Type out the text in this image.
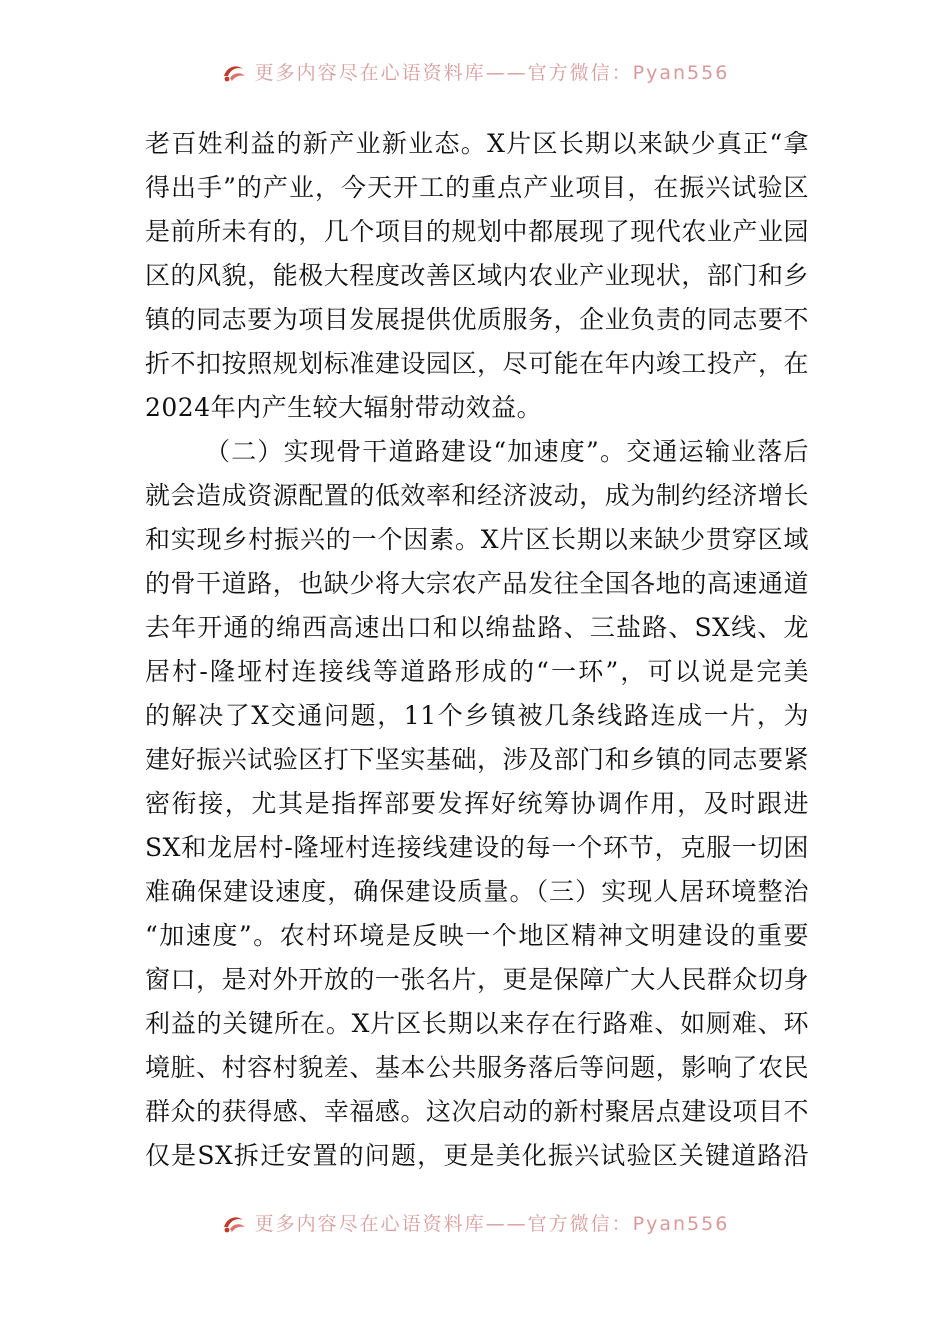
更多内容尽在心语资料库——官方微信：Pyan556
老百姓利益的新产业新业态。X片区长期以来缺少真正“拿
得出手”的产业，今天开工的重点产业项目，在振兴试验区
是前所未有的，几个项目的规划中都展现了现代农业产业园
区的风貌，能极大程度改善区域内农业产业现状，部门和乡
镇的同志要为项目发展提供优质服务，企业负责的同志要不
折不扣按照规划标准建设园区，尽可能在年内竣工投产，在
2024年内产生较大辐射带动效益。
（二）实现骨干道路建设“加速度”。交通运输业落后
就会造成资源配置的低效率和经济波动，成为制约经济增长
和实现乡村振兴的一个因素。X片区长期以来缺少贯穿区域
的骨干道路，也缺少将大宗农产品发往全国各地的高速通道
去年开通的绵西高速出口和以绵盐路、三盐路、SX线、龙
居村-隆垭村连接线等道路形成的“一环”，可以说是完美
的解决了X交通问题，11个乡镇被几条线路连成一片，为
建好振兴试验区打下坚实基础，涉及部门和乡镇的同志要紧
密衔接，尤其是指挥部要发挥好统筹协调作用，及时跟进
SX和龙居村-隆垭村连接线建设的每一个环节，克服一切困
难确保建设速度，确保建设质量。（三）实现人居环境整治
“加速度”。农村环境是反映一个地区精神文明建设的重要
窗口，是对外开放的一张名片，更是保障广大人民群众切身
利益的关键所在。X片区长期以来存在行路难、如厕难、环
境脏、村容村貌差、基本公共服务落后等问题，影响了农民
群众的获得感、幸福感。这次启动的新村聚居点建设项目不
仅是SX拆迁安置的问题，更是美化振兴试验区关键道路沿
更多内容尽在心语资料库——官方微信：Pyan556
